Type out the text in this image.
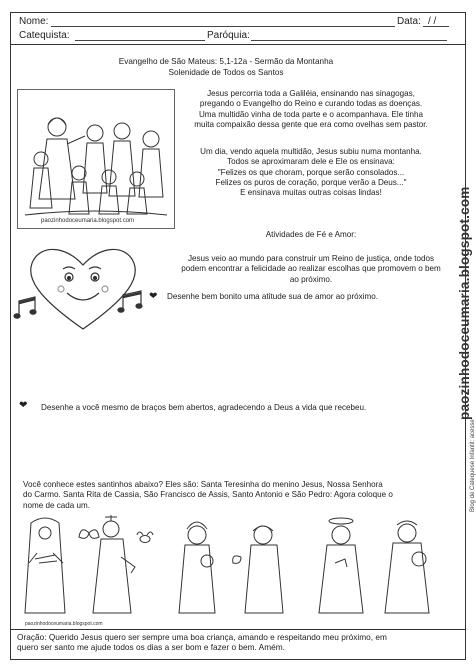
Nome:	Data: / /
Catequista:	Paróquia:
Evangelho de São Mateus: 5,1-12a - Sermão da Montanha
Solenidade de Todos os Santos
paozinhodoceumaria.blogspot.com
Jesus percorria toda a Galiléia, ensinando nas sinagogas,
pregando o Evangelho do Reino e curando todas as doenças.
Uma multidão vinha de toda parte e o acompanhava. Ele tinha
muita compaixão dessa gente que era como ovelhas sem pastor.
Um dia, vendo aquela multidão, Jesus subiu numa montanha.
Todos se aproximaram dele e Ele os ensinava:
"Felizes os que choram, porque serão consolados...
Felizes os puros de coração, porque verão a Deus..."
E ensinava muitas outras coisas lindas!
Atividades de Fé e Amor:
Jesus veio ao mundo para construir um Reino de justiça, onde todos
podem encontrar a felicidade ao realizar escolhas que promovem o bem
ao próximo.
❤ Desenhe bem bonito uma atitude sua de amor ao próximo.
❤ Desenhe a você mesmo de braços bem abertos, agradecendo a Deus a vida que recebeu.
Você conhece estes santinhos abaixo? Eles são: Santa Teresinha do menino Jesus, Nossa Senhora
do Carmo. Santa Rita de Cassia, São Francisco de Assis, Santo Antonio e São Pedro: Agora coloque o
nome de cada um.
paozinhodoceumaria.blogspot.com
Oração: Querido Jesus quero ser sempre uma boa criança, amando e respeitando meu próximo, em
quero ser santo me ajude todos os dias a ser bom e fazer o bem. Amém.
paozinhodoceumaria.blogspot.com
Blog de Catequese Infantil: acesse
